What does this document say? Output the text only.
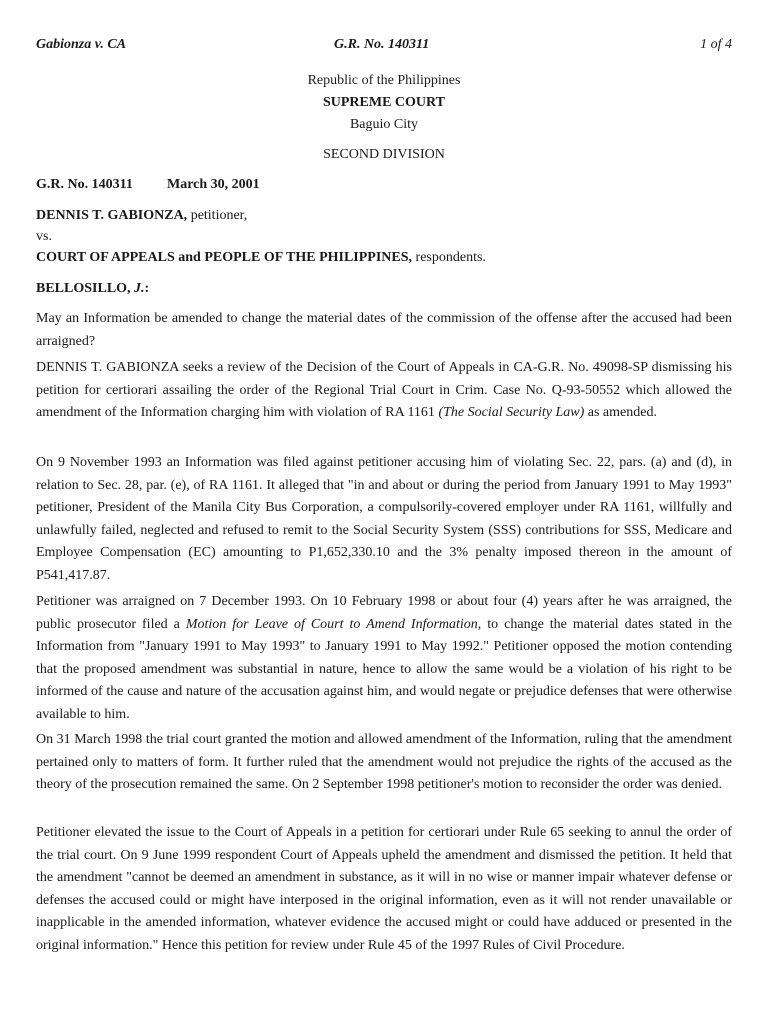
Gabionza v. CA	G.R. No. 140311	1 of 4
Republic of the Philippines
SUPREME COURT
Baguio City
SECOND DIVISION
G.R. No. 140311 March 30, 2001
DENNIS T. GABIONZA, petitioner,
vs.
COURT OF APPEALS and PEOPLE OF THE PHILIPPINES, respondents.
BELLOSILLO, J.:
May an Information be amended to change the material dates of the commission of the offense after the accused had been arraigned?
DENNIS T. GABIONZA seeks a review of the Decision of the Court of Appeals in CA-G.R. No. 49098-SP dismissing his petition for certiorari assailing the order of the Regional Trial Court in Crim. Case No. Q-93-50552 which allowed the amendment of the Information charging him with violation of RA 1161 (The Social Security Law) as amended.
On 9 November 1993 an Information was filed against petitioner accusing him of violating Sec. 22, pars. (a) and (d), in relation to Sec. 28, par. (e), of RA 1161. It alleged that "in and about or during the period from January 1991 to May 1993" petitioner, President of the Manila City Bus Corporation, a compulsorily-covered employer under RA 1161, willfully and unlawfully failed, neglected and refused to remit to the Social Security System (SSS) contributions for SSS, Medicare and Employee Compensation (EC) amounting to P1,652,330.10 and the 3% penalty imposed thereon in the amount of P541,417.87.
Petitioner was arraigned on 7 December 1993. On 10 February 1998 or about four (4) years after he was arraigned, the public prosecutor filed a Motion for Leave of Court to Amend Information, to change the material dates stated in the Information from "January 1991 to May 1993" to January 1991 to May 1992." Petitioner opposed the motion contending that the proposed amendment was substantial in nature, hence to allow the same would be a violation of his right to be informed of the cause and nature of the accusation against him, and would negate or prejudice defenses that were otherwise available to him.
On 31 March 1998 the trial court granted the motion and allowed amendment of the Information, ruling that the amendment pertained only to matters of form. It further ruled that the amendment would not prejudice the rights of the accused as the theory of the prosecution remained the same. On 2 September 1998 petitioner's motion to reconsider the order was denied.
Petitioner elevated the issue to the Court of Appeals in a petition for certiorari under Rule 65 seeking to annul the order of the trial court. On 9 June 1999 respondent Court of Appeals upheld the amendment and dismissed the petition. It held that the amendment "cannot be deemed an amendment in substance, as it will in no wise or manner impair whatever defense or defenses the accused could or might have interposed in the original information, even as it will not render unavailable or inapplicable in the amended information, whatever evidence the accused might or could have adduced or presented in the original information." Hence this petition for review under Rule 45 of the 1997 Rules of Civil Procedure.
